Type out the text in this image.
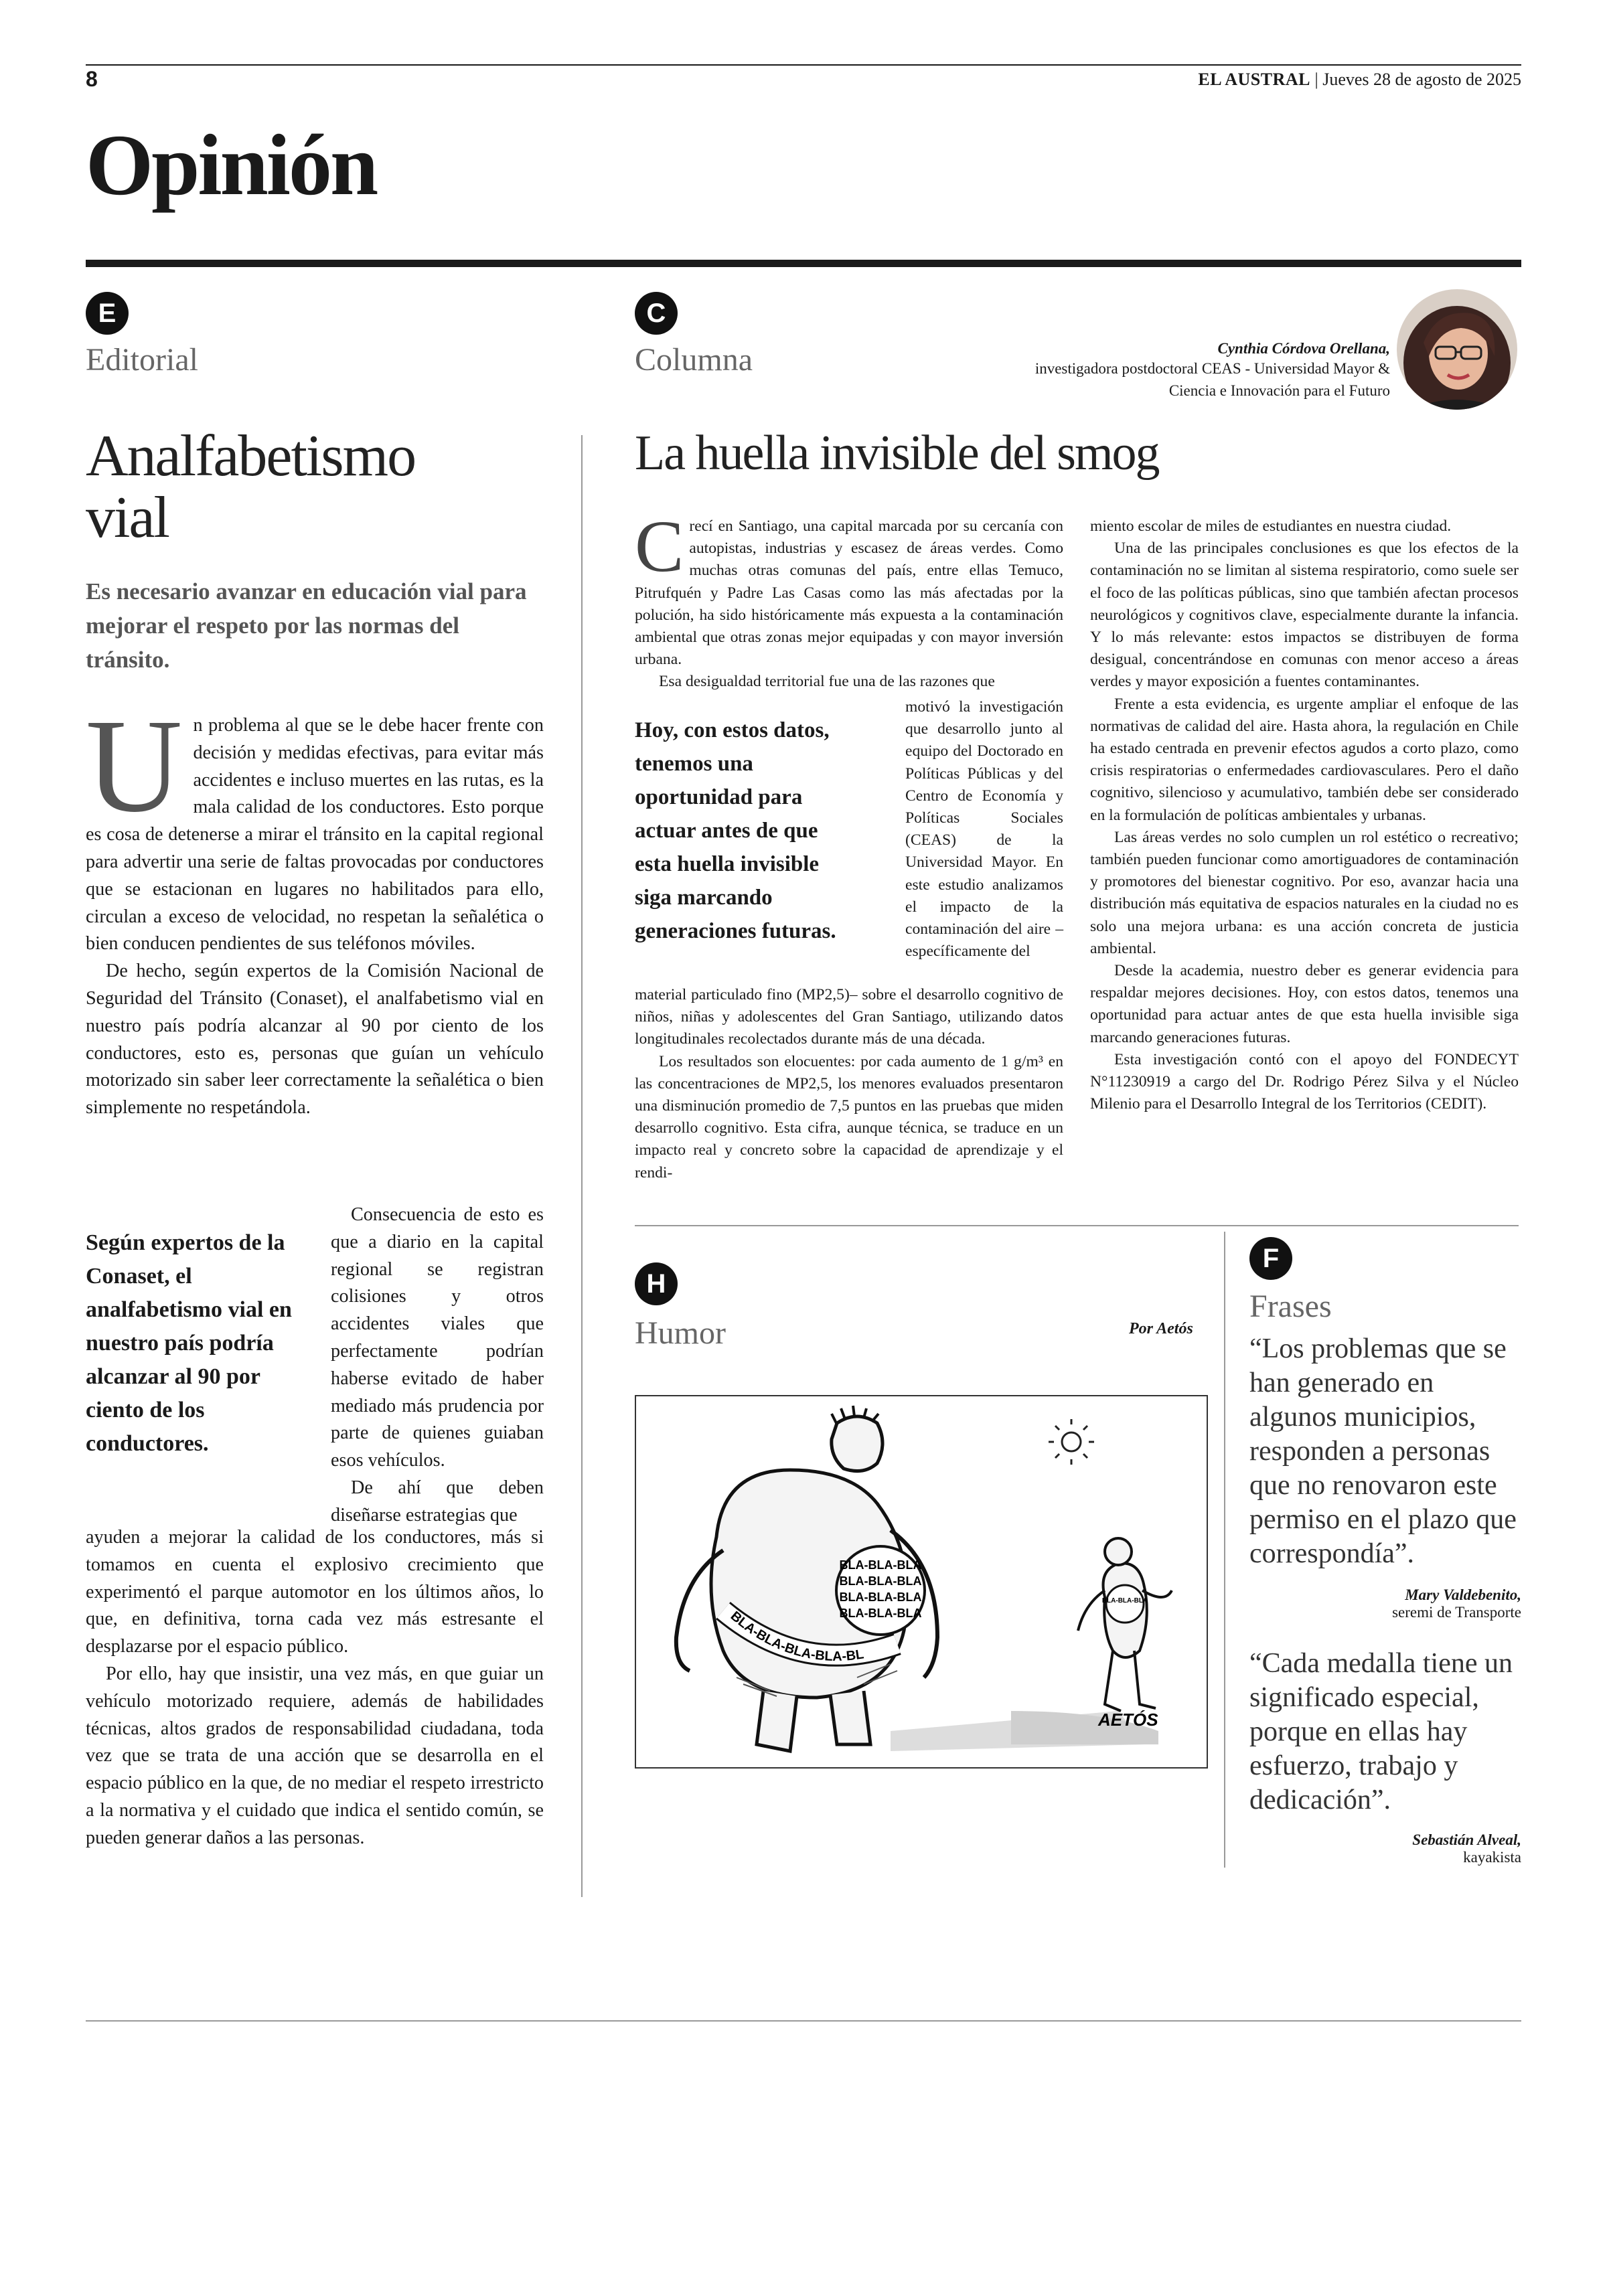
8	EL AUSTRAL | Jueves 28 de agosto de 2025
Opinión
E
Editorial
Analfabetismo vial
Es necesario avanzar en educación vial para mejorar el respeto por las normas del tránsito.

Un problema al que se le debe hacer frente con decisión y medidas efectivas, para evitar más accidentes e incluso muertes en las rutas, es la mala calidad de los conductores. Esto porque es cosa de detenerse a mirar el tránsito en la capital regional para advertir una serie de faltas provocadas por conductores que se estacionan en lugares no habilitados para ello, circulan a exceso de velocidad, no respetan la señalética o bien conducen pendientes de sus teléfonos móviles.

De hecho, según expertos de la Comisión Nacional de Seguridad del Tránsito (Conaset), el analfabetismo vial en nuestro país podría alcanzar al 90 por ciento de los conductores, esto es, personas que guían un vehículo motorizado sin saber leer correctamente la señalética o bien simplemente no respetándola.

Según expertos de la Conaset, el analfabetismo vial en nuestro país podría alcanzar al 90 por ciento de los conductores.

Consecuencia de esto es que a diario en la capital regional se registran colisiones y otros accidentes viales que perfectamente podrían haberse evitado de haber mediado más prudencia por parte de quienes guiaban esos vehículos.

De ahí que deben diseñarse estrategias que

ayuden a mejorar la calidad de los conductores, más si tomamos en cuenta el explosivo crecimiento que experimentó el parque automotor en los últimos años, lo que, en definitiva, torna cada vez más estresante el desplazarse por el espacio público.

Por ello, hay que insistir, una vez más, en que guiar un vehículo motorizado requiere, además de habilidades técnicas, altos grados de responsabilidad ciudadana, toda vez que se trata de una acción que se desarrolla en el espacio público en la que, de no mediar el respeto irrestricto a la normativa y el cuidado que indica el sentido común, se pueden generar daños a las personas.

C
Columna	Cynthia Córdova Orellana,
investigadora postdoctoral CEAS - Universidad Mayor & Ciencia e Innovación para el Futuro
La huella invisible del smog

Crecí en Santiago, una capital marcada por su cercanía con autopistas, industrias y escasez de áreas verdes. Como muchas otras comunas del país, entre ellas Temuco, Pitrufquén y Padre Las Casas como las más afectadas por la polución, ha sido históricamente más expuesta a la contaminación ambiental que otras zonas mejor equipadas y con mayor inversión urbana.

Esa desigualdad territorial fue una de las razones que

Hoy, con estos datos, tenemos una oportunidad para actuar antes de que esta huella invisible siga marcando generaciones futuras.

motivó la investigación que desarrollo junto al equipo del Doctorado en Políticas Públicas y del Centro de Economía y Políticas Sociales (CEAS) de la Universidad Mayor. En este estudio analizamos el impacto de la contaminación del aire –específicamente del

material particulado fino (MP2,5)– sobre el desarrollo cognitivo de niños, niñas y adolescentes del Gran Santiago, utilizando datos longitudinales recolectados durante más de una década.

Los resultados son elocuentes: por cada aumento de 1 g/m³ en las concentraciones de MP2,5, los menores evaluados presentaron una disminución promedio de 7,5 puntos en las pruebas que miden desarrollo cognitivo. Esta cifra, aunque técnica, se traduce en un impacto real y concreto sobre la capacidad de aprendizaje y el rendi-

miento escolar de miles de estudiantes en nuestra ciudad.

Una de las principales conclusiones es que los efectos de la contaminación no se limitan al sistema respiratorio, como suele ser el foco de las políticas públicas, sino que también afectan procesos neurológicos y cognitivos clave, especialmente durante la infancia. Y lo más relevante: estos impactos se distribuyen de forma desigual, concentrándose en comunas con menor acceso a áreas verdes y mayor exposición a fuentes contaminantes.

Frente a esta evidencia, es urgente ampliar el enfoque de las normativas de calidad del aire. Hasta ahora, la regulación en Chile ha estado centrada en prevenir efectos agudos a corto plazo, como crisis respiratorias o enfermedades cardiovasculares. Pero el daño cognitivo, silencioso y acumulativo, también debe ser considerado en la formulación de políticas ambientales y urbanas.

Las áreas verdes no solo cumplen un rol estético o recreativo; también pueden funcionar como amortiguadores de contaminación y promotores del bienestar cognitivo. Por eso, avanzar hacia una distribución más equitativa de espacios naturales en la ciudad no es solo una mejora urbana: es una acción concreta de justicia ambiental.

Desde la academia, nuestro deber es generar evidencia para respaldar mejores decisiones. Hoy, con estos datos, tenemos una oportunidad para actuar antes de que esta huella invisible siga marcando generaciones futuras.

Esta investigación contó con el apoyo del FONDECYT N°11230919 a cargo del Dr. Rodrigo Pérez Silva y el Núcleo Milenio para el Desarrollo Integral de los Territorios (CEDIT).

H
Humor	Por Aetós
BLA-BLA-BLA
BLA-BLA-BLA
BLA-BLA-BLA
BLA-BLA-BLA
BLA-BLA-BLA-BLA-BL
BLA-BLA-BLA
AETÓS
F
Frases
“Los problemas que se han generado en algunos municipios, responden a personas que no renovaron este permiso en el plazo que correspondía”.
Mary Valdebenito,
seremi de Transporte
“Cada medalla tiene un significado especial, porque en ellas hay esfuerzo, trabajo y dedicación”.
Sebastián Alveal,
kayakista
